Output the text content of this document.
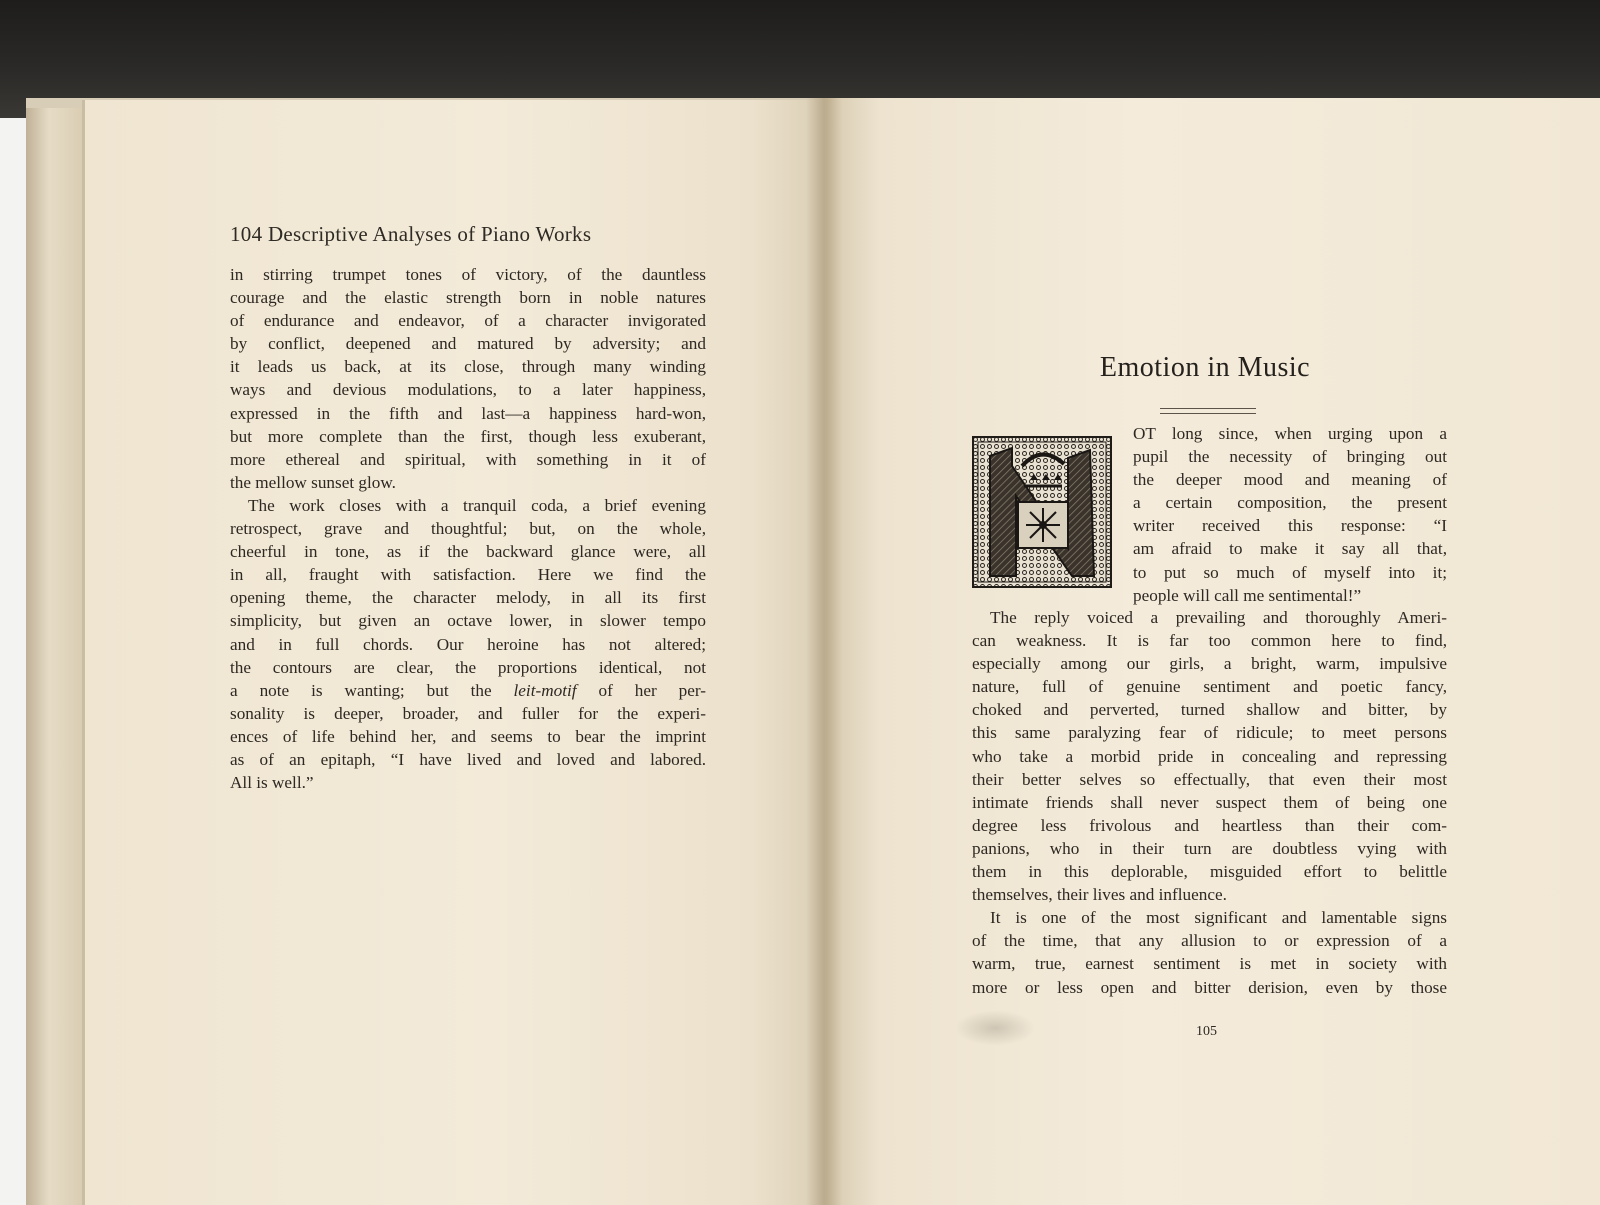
104 Descriptive Analyses of Piano Works
in stirring trumpet tones of victory, of the dauntless
courage and the elastic strength born in noble natures
of endurance and endeavor, of a character invigorated
by conflict, deepened and matured by adversity; and
it leads us back, at its close, through many winding
ways and devious modulations, to a later happiness,
expressed in the fifth and last—a happiness hard-won,
but more complete than the first, though less exuberant,
more ethereal and spiritual, with something in it of
the mellow sunset glow.
The work closes with a tranquil coda, a brief evening
retrospect, grave and thoughtful; but, on the whole,
cheerful in tone, as if the backward glance were, all
in all, fraught with satisfaction. Here we find the
opening theme, the character melody, in all its first
simplicity, but given an octave lower, in slower tempo
and in full chords. Our heroine has not altered;
the contours are clear, the proportions identical, not
a note is wanting; but the leit-motif of her per-
sonality is deeper, broader, and fuller for the experi-
ences of life behind her, and seems to bear the imprint
as of an epitaph, “I have lived and loved and labored.
All is well.”
Emotion in Music
OT long since, when urging upon a
pupil the necessity of bringing out
the deeper mood and meaning of
a certain composition, the present
writer received this response: “I
am afraid to make it say all that,
to put so much of myself into it;
people will call me sentimental!”
The reply voiced a prevailing and thoroughly Ameri-
can weakness. It is far too common here to find,
especially among our girls, a bright, warm, impulsive
nature, full of genuine sentiment and poetic fancy,
choked and perverted, turned shallow and bitter, by
this same paralyzing fear of ridicule; to meet persons
who take a morbid pride in concealing and repressing
their better selves so effectually, that even their most
intimate friends shall never suspect them of being one
degree less frivolous and heartless than their com-
panions, who in their turn are doubtless vying with
them in this deplorable, misguided effort to belittle
themselves, their lives and influence.
It is one of the most significant and lamentable signs
of the time, that any allusion to or expression of a
warm, true, earnest sentiment is met in society with
more or less open and bitter derision, even by those
105
